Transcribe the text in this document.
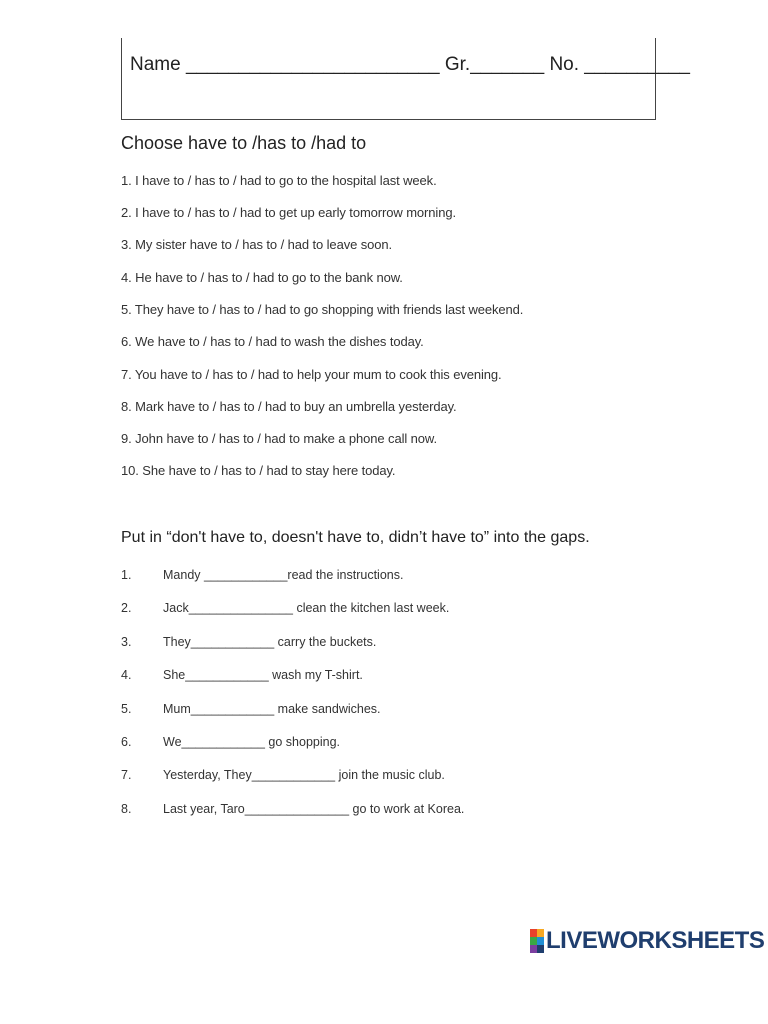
Name ________________________ Gr._______ No. __________
Choose have to /has to /had to
1. I have to / has to / had to go to the hospital last week.
2. I have to / has to / had to get up early tomorrow morning.
3. My sister have to / has to / had to leave soon.
4. He have to / has to / had to go to the bank now.
5. They have to / has to / had to go shopping with friends last weekend.
6. We have to / has to / had to wash the dishes today.
7. You have to / has to / had to help your mum to cook this evening.
8. Mark have to / has to / had to buy an umbrella yesterday.
9. John have to / has to / had to make a phone call now.
10. She have to / has to / had to stay here today.
Put in “don't have to, doesn't have to, didn’t have to” into the gaps.
1.	Mandy ____________read the instructions.
2.	Jack_______________ clean the kitchen last week.
3.	They____________ carry the buckets.
4.	She____________ wash my T-shirt.
5.	Mum____________ make sandwiches.
6.	We____________ go shopping.
7.	Yesterday, They____________ join the music club.
8.	Last year, Taro_______________ go to work at Korea.
LIVEWORKSHEETS
